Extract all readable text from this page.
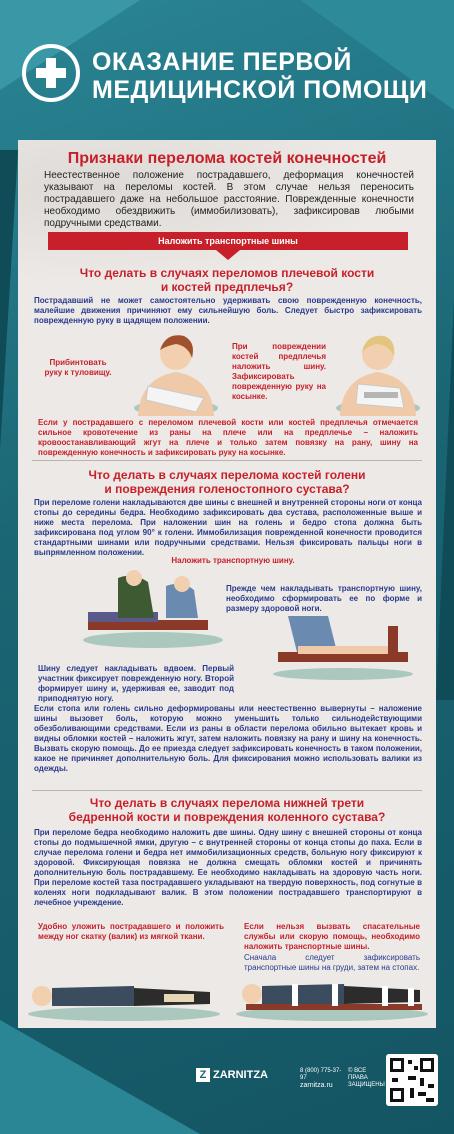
ОКАЗАНИЕ ПЕРВОЙ
МЕДИЦИНСКОЙ ПОМОЩИ
Признаки перелома костей конечностей
Неестественное положение пострадавшего, деформация конечностей указывают на переломы костей. В этом случае нельзя переносить пострадавшего даже на небольшое расстояние. Поврежденные конечности необходимо обездвижить (иммобилизовать), зафиксировав любыми подручными средствами.
Наложить транспортные шины
Что делать в случаях переломов плечевой кости
и костей предплечья?
Пострадавший не может самостоятельно удерживать свою поврежденную конечность, малейшие движения причиняют ему сильнейшую боль. Следует быстро зафиксировать поврежденную руку в щадящем положении.
Прибинтовать
руку к туловищу.
При повреждении костей предплечья наложить шину. Зафиксировать поврежденную руку на косынке.
Если у пострадавшего с переломом плечевой кости или костей предплечья отмечается сильное кровотечение из раны на плече или на предплечье – наложить кровоостанавливающий жгут на плече и только затем повязку на рану, шину на поврежденную конечность и зафиксировать руку на косынке.
Что делать в случаях перелома костей голени
и повреждения голеностопного сустава?
При переломе голени накладываются две шины с внешней и внутренней стороны ноги от конца стопы до середины бедра. Необходимо зафиксировать два сустава, расположенные выше и ниже места перелома. При наложении шин на голень и бедро стопа должна быть зафиксирована под углом 90° к голени. Иммобилизация поврежденной конечности проводится стандартными шинами или подручными средствами. Нельзя фиксировать пальцы ноги в выпрямленном положении.
Наложить транспортную шину.
Прежде чем накладывать транспортную шину, необходимо сформировать ее по форме и размеру здоровой ноги.
Шину следует накладывать вдвоем. Первый участник фиксирует поврежденную ногу. Второй формирует шину и, удерживая ее, заводит под приподнятую ногу.
Если стопа или голень сильно деформированы или неестественно вывернуты – наложение шины вызовет боль, которую можно уменьшить только сильнодействующими обезболивающими средствами. Если из раны в области перелома обильно вытекает кровь и видны обломки костей – наложить жгут, затем наложить повязку на рану и шину на конечность. Вызвать скорую помощь. До ее приезда следует зафиксировать конечность в таком положении, какое не причиняет дополнительную боль. Для фиксирования можно использовать валики из одежды.
Что делать в случаях перелома нижней трети
бедренной кости и повреждения коленного сустава?
При переломе бедра необходимо наложить две шины. Одну шину с внешней стороны от конца стопы до подмышечной ямки, другую – с внутренней стороны от конца стопы до паха. Если в случае перелома голени и бедра нет иммобилизационных средств, больную ногу фиксируют к здоровой. Фиксирующая повязка не должна смещать обломки костей и причинять дополнительную боль пострадавшему. Ее необходимо накладывать на здоровую часть ноги. При переломе костей таза пострадавшего укладывают на твердую поверхность, под согнутые в коленях ноги подкладывают валик. В этом положении пострадавшего транспортируют в лечебное учреждение.
Удобно уложить пострадавшего и положить между ног скатку (валик) из мягкой ткани.
Если нельзя вызвать спасательные службы или скорую помощь, необходимо наложить транспортные шины.
Сначала следует зафиксировать транспортные шины на груди, затем на стопах.
Z ZARNITZA	8 (800) 775-37-97
zarnitza.ru
© ВСЕ ПРАВА
ЗАЩИЩЕНЫ
